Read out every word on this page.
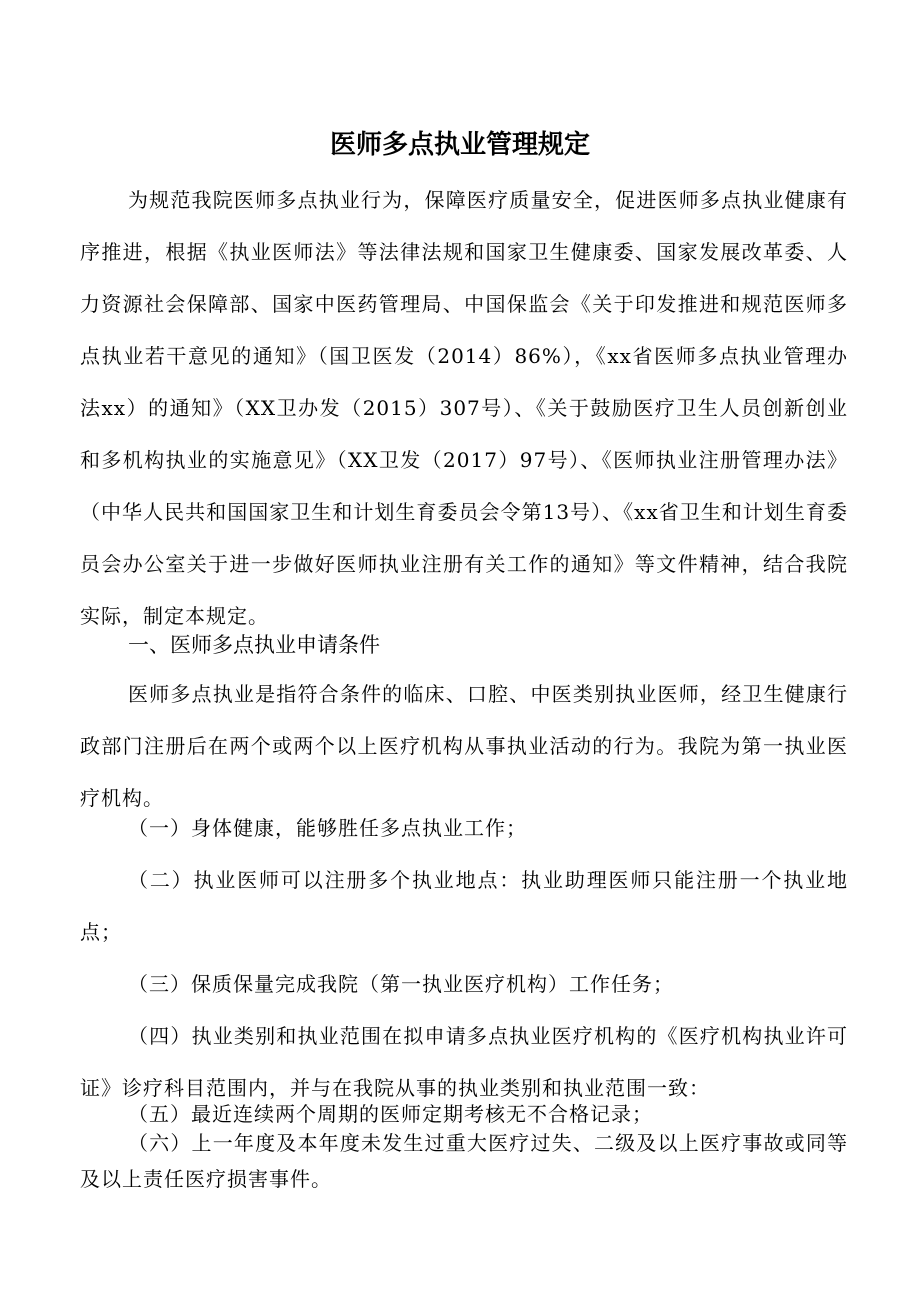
医师多点执业管理规定
为规范我院医师多点执业行为，保障医疗质量安全，促进医师多点执业健康有序推进，根据《执业医师法》等法律法规和国家卫生健康委、国家发展改革委、人力资源社会保障部、国家中医药管理局、中国保监会《关于印发推进和规范医师多点执业若干意见的通知》（国卫医发（2014）86%），《xx省医师多点执业管理办法xx）的通知》（XX卫办发（2015）307号）、《关于鼓励医疗卫生人员创新创业和多机构执业的实施意见》（XX卫发（2017）97号）、《医师执业注册管理办法》（中华人民共和国国家卫生和计划生育委员会令第13号）、《xx省卫生和计划生育委员会办公室关于进一步做好医师执业注册有关工作的通知》等文件精神，结合我院实际，制定本规定。
一、医师多点执业申请条件
医师多点执业是指符合条件的临床、口腔、中医类别执业医师，经卫生健康行政部门注册后在两个或两个以上医疗机构从事执业活动的行为。我院为第一执业医疗机构。
（一）身体健康，能够胜任多点执业工作；
（二）执业医师可以注册多个执业地点：执业助理医师只能注册一个执业地点；
（三）保质保量完成我院（第一执业医疗机构）工作任务；
（四）执业类别和执业范围在拟申请多点执业医疗机构的《医疗机构执业许可证》诊疗科目范围内，并与在我院从事的执业类别和执业范围一致：
（五）最近连续两个周期的医师定期考核无不合格记录；
（六）上一年度及本年度未发生过重大医疗过失、二级及以上医疗事故或同等及以上责任医疗损害事件。
